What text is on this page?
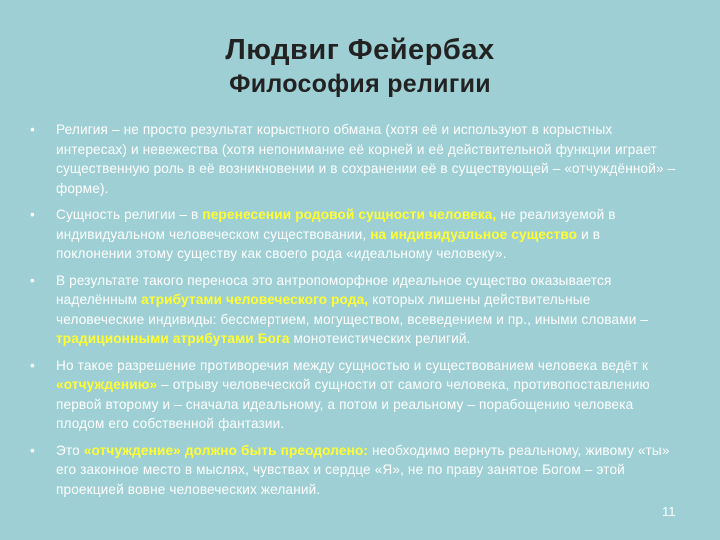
Людвиг Фейербах
Философия религии
• Религия – не просто результат корыстного обмана (хотя её и используют в корыстных интересах) и невежества (хотя непонимание её корней и её действительной функции играет существенную роль в её возникновении и в сохранении её в существующей – «отчуждённой» – форме).
• Сущность религии – в перенесении родовой сущности человека, не реализуемой в индивидуальном человеческом существовании, на индивидуальное существо и в поклонении этому существу как своего рода «идеальному человеку».
• В результате такого переноса это антропоморфное идеальное существо оказывается наделённым атрибутами человеческого рода, которых лишены действительные человеческие индивиды: бессмертием, могуществом, всеведением и пр., иными словами – традиционными атрибутами Бога монотеистических религий.
• Но такое разрешение противоречия между сущностью и существованием человека ведёт к «отчуждению» – отрыву человеческой сущности от самого человека, противопоставлению первой второму и – сначала идеальному, а потом и реальному – порабощению человека плодом его собственной фантазии.
• Это «отчуждение» должно быть преодолено: необходимо вернуть реальному, живому «ты» его законное место в мыслях, чувствах и сердце «Я», не по праву занятое Богом – этой проекцией вовне человеческих желаний.
11
